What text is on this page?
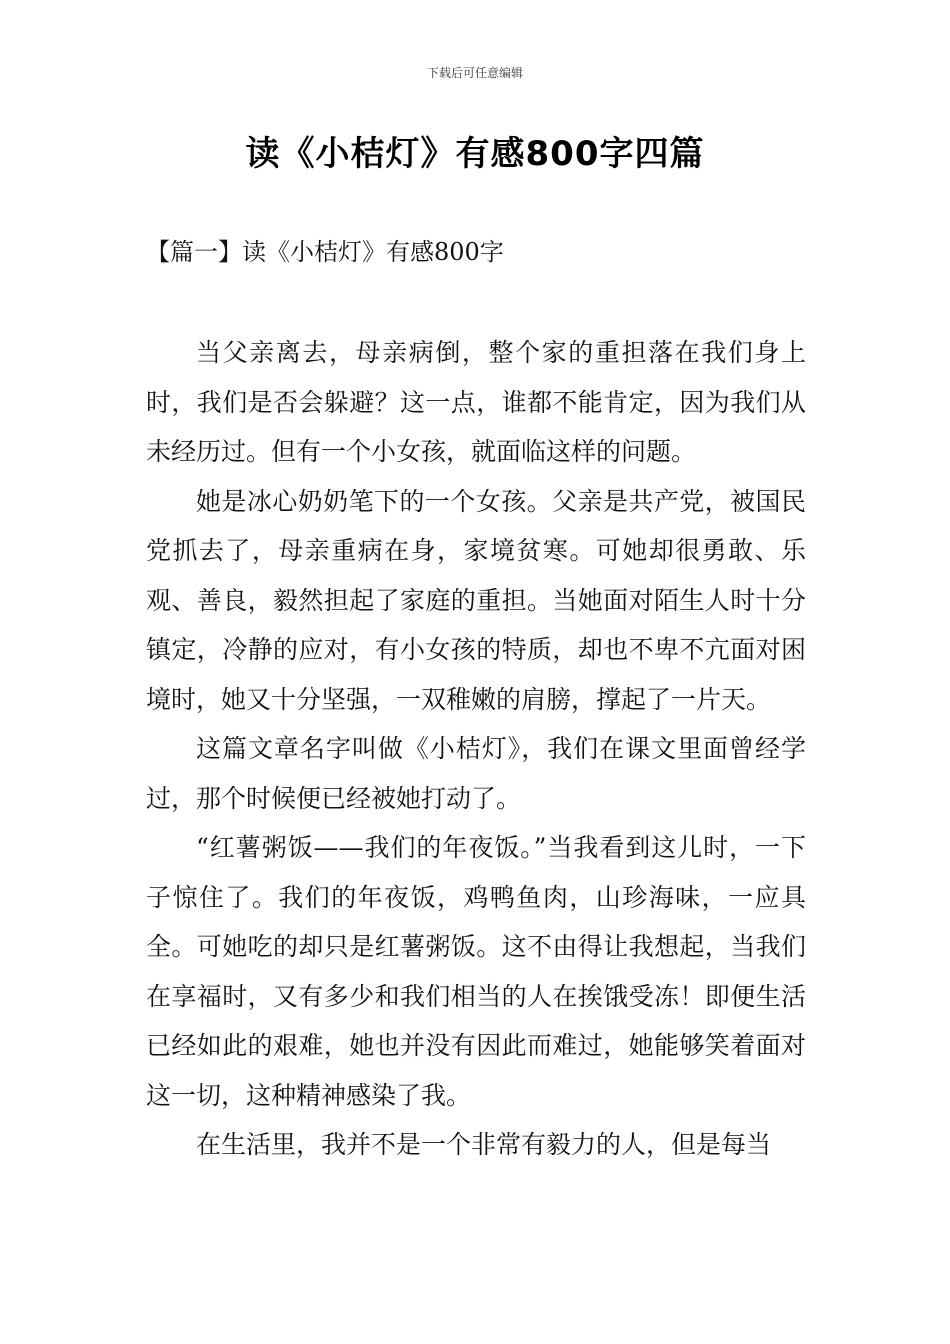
下载后可任意编辑
读《小桔灯》有感800字四篇
【篇一】读《小桔灯》有感800字

当父亲离去，母亲病倒，整个家的重担落在我们身上时，我们是否会躲避？这一点，谁都不能肯定，因为我们从未经历过。但有一个小女孩，就面临这样的问题。

她是冰心奶奶笔下的一个女孩。父亲是共产党，被国民党抓去了，母亲重病在身，家境贫寒。可她却很勇敢、乐观、善良，毅然担起了家庭的重担。当她面对陌生人时十分镇定，冷静的应对，有小女孩的特质，却也不卑不亢面对困境时，她又十分坚强，一双稚嫩的肩膀，撑起了一片天。

这篇文章名字叫做《小桔灯》，我们在课文里面曾经学过，那个时候便已经被她打动了。

“红薯粥饭——我们的年夜饭。”当我看到这儿时，一下子惊住了。我们的年夜饭，鸡鸭鱼肉，山珍海味，一应具全。可她吃的却只是红薯粥饭。这不由得让我想起，当我们在享福时，又有多少和我们相当的人在挨饿受冻！即便生活已经如此的艰难，她也并没有因此而难过，她能够笑着面对这一切，这种精神感染了我。

在生活里，我并不是一个非常有毅力的人，但是每当
